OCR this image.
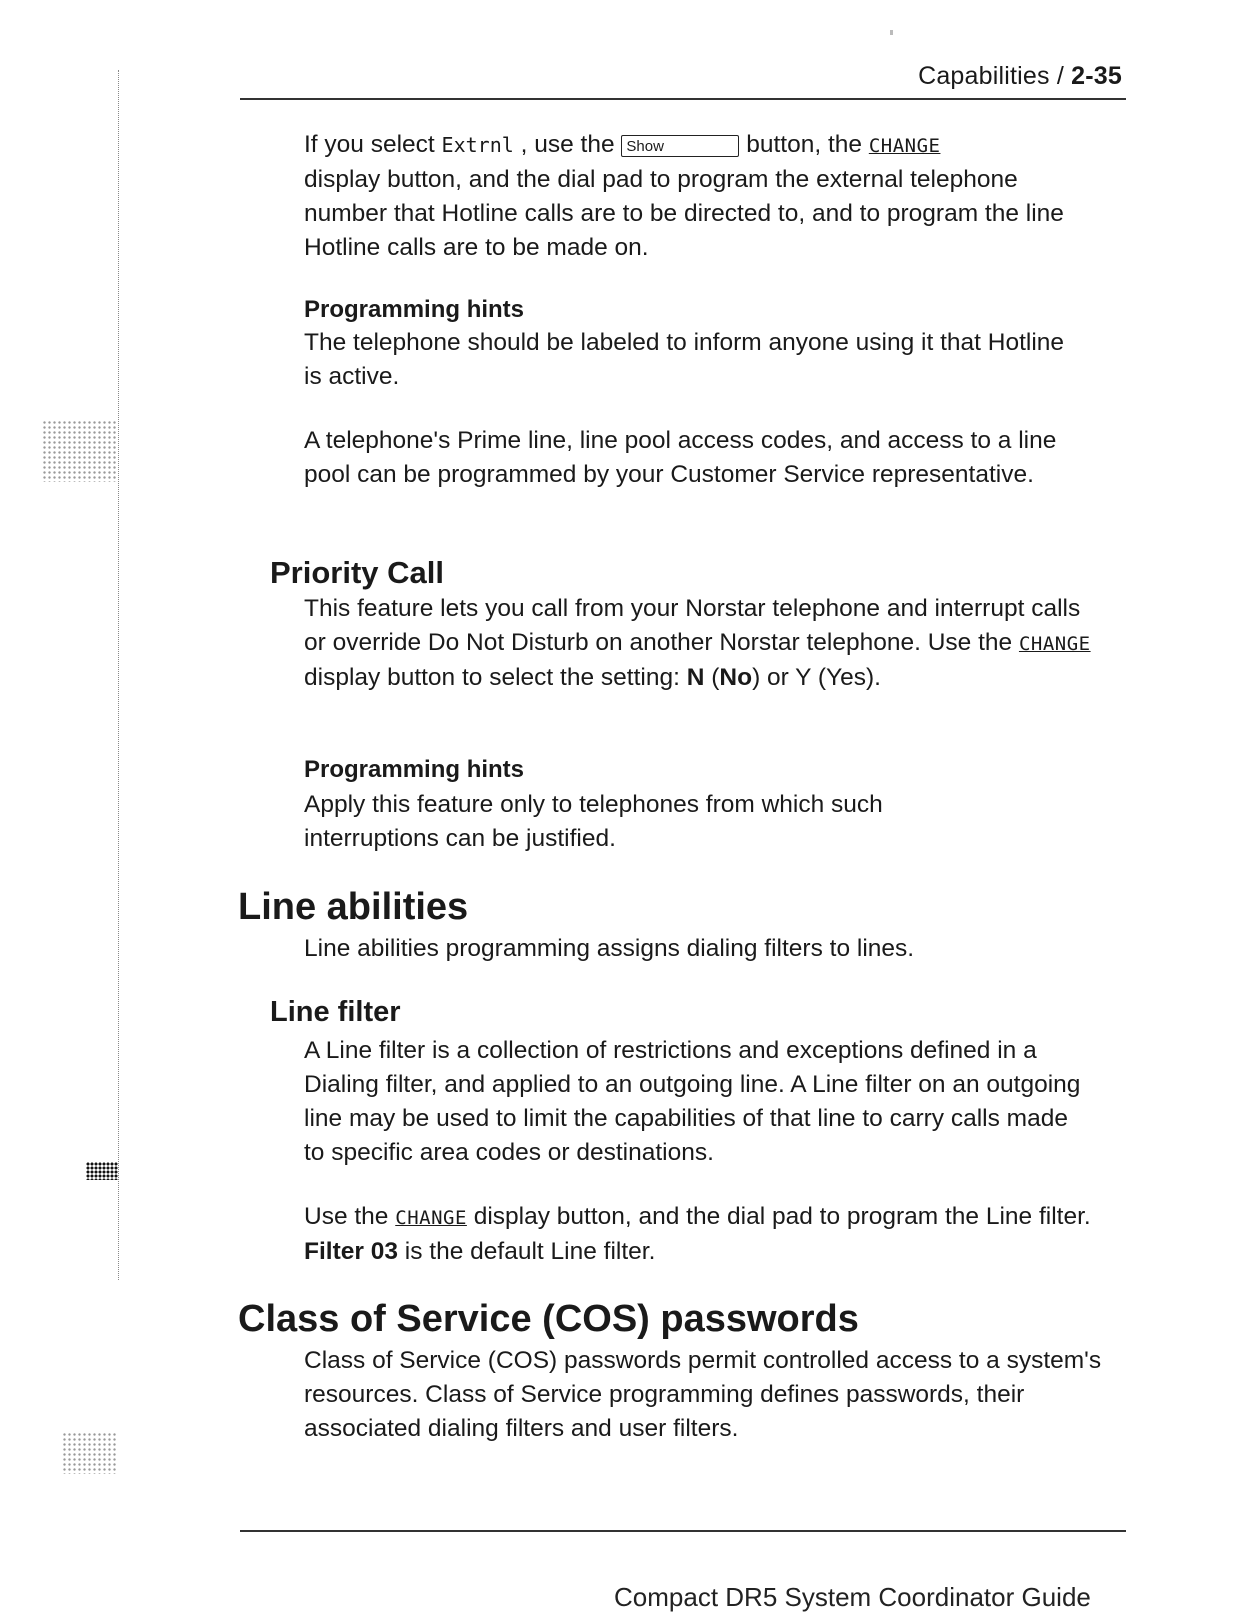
Capabilities / 2-35
If you select Extrnl , use the Show	button, the CHANGE
display button, and the dial pad to program the external telephone number that Hotline calls are to be directed to, and to program the line Hotline calls are to be made on.
Programming hints
The telephone should be labeled to inform anyone using it that Hotline is active.
A telephone's Prime line, line pool access codes, and access to a line pool can be programmed by your Customer Service representative.
Priority Call
This feature lets you call from your Norstar telephone and interrupt calls or override Do Not Disturb on another Norstar telephone. Use the CHANGE display button to select the setting: N (No) or Y (Yes).
Programming hints
Apply this feature only to telephones from which such interruptions can be justified.
Line abilities
Line abilities programming assigns dialing filters to lines.
Line filter
A Line filter is a collection of restrictions and exceptions defined in a Dialing filter, and applied to an outgoing line. A Line filter on an outgoing line may be used to limit the capabilities of that line to carry calls made to specific area codes or destinations.
Use the CHANGE display button, and the dial pad to program the Line filter. Filter 03 is the default Line filter.
Class of Service (COS) passwords
Class of Service (COS) passwords permit controlled access to a system's resources. Class of Service programming defines passwords, their associated dialing filters and user filters.
Compact DR5 System Coordinator Guide
